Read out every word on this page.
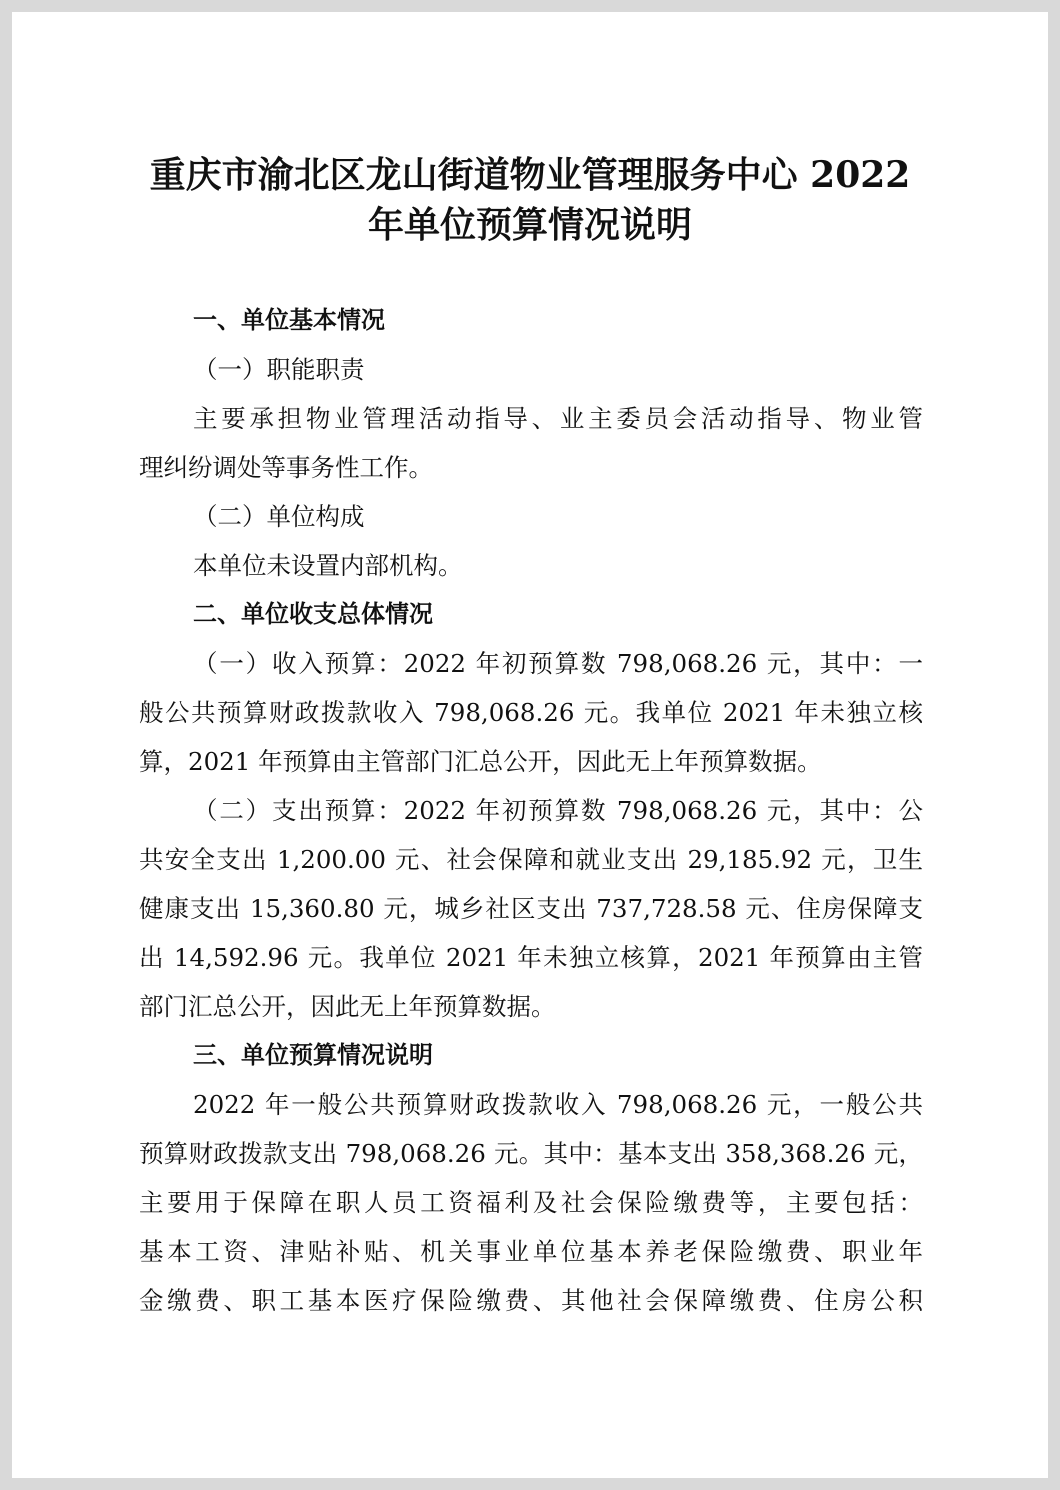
重庆市渝北区龙山街道物业管理服务中心 2022
年单位预算情况说明

一、单位基本情况

（一）职能职责

主要承担物业管理活动指导、业主委员会活动指导、物业管

理纠纷调处等事务性工作。

（二）单位构成

本单位未设置内部机构。

二、单位收支总体情况

（一）收入预算：2022 年初预算数 798,068.26 元，其中：一

般公共预算财政拨款收入 798,068.26 元。我单位 2021 年未独立核

算，2021 年预算由主管部门汇总公开，因此无上年预算数据。

（二）支出预算：2022 年初预算数 798,068.26 元，其中：公

共安全支出 1,200.00 元、社会保障和就业支出 29,185.92 元，卫生

健康支出 15,360.80 元，城乡社区支出 737,728.58 元、住房保障支

出 14,592.96 元。我单位 2021 年未独立核算，2021 年预算由主管

部门汇总公开，因此无上年预算数据。

三、单位预算情况说明

2022 年一般公共预算财政拨款收入 798,068.26 元，一般公共

预算财政拨款支出 798,068.26 元。其中：基本支出 358,368.26 元，

主要用于保障在职人员工资福利及社会保险缴费等，主要包括：

基本工资、津贴补贴、机关事业单位基本养老保险缴费、职业年

金缴费、职工基本医疗保险缴费、其他社会保障缴费、住房公积
